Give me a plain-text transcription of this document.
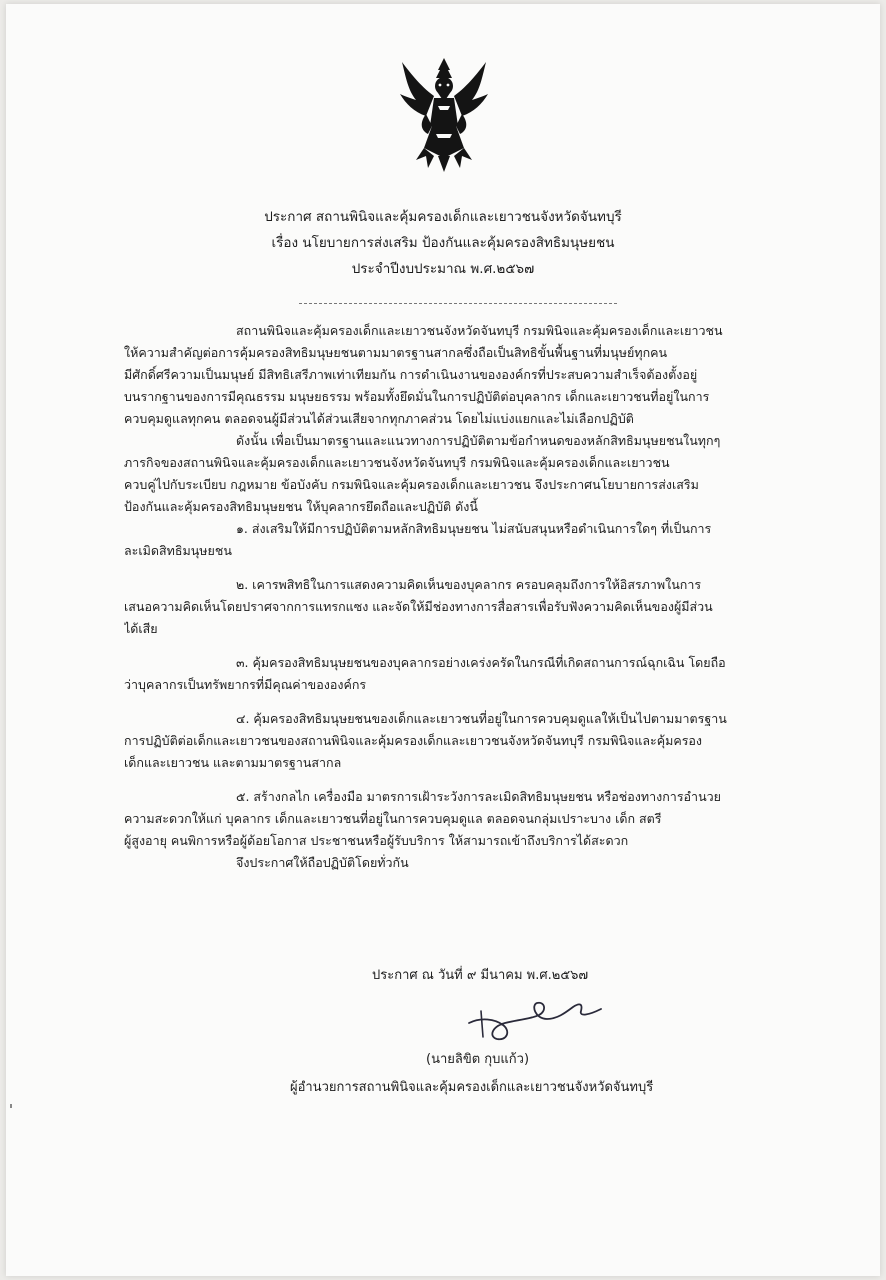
ประกาศ สถานพินิจและคุ้มครองเด็กและเยาวชนจังหวัดจันทบุรี
เรื่อง นโยบายการส่งเสริม ป้องกันและคุ้มครองสิทธิมนุษยชน
ประจำปีงบประมาณ พ.ศ.๒๕๖๗
สถานพินิจและคุ้มครองเด็กและเยาวชนจังหวัดจันทบุรี กรมพินิจและคุ้มครองเด็กและเยาวชน
ให้ความสำคัญต่อการคุ้มครองสิทธิมนุษยชนตามมาตรฐานสากลซึ่งถือเป็นสิทธิขั้นพื้นฐานที่มนุษย์ทุกคน
มีศักดิ์ศรีความเป็นมนุษย์ มีสิทธิเสรีภาพเท่าเทียมกัน การดำเนินงานขององค์กรที่ประสบความสำเร็จต้องตั้งอยู่
บนรากฐานของการมีคุณธรรม มนุษยธรรม พร้อมทั้งยึดมั่นในการปฏิบัติต่อบุคลากร เด็กและเยาวชนที่อยู่ในการ
ควบคุมดูแลทุกคน ตลอดจนผู้มีส่วนได้ส่วนเสียจากทุกภาคส่วน โดยไม่แบ่งแยกและไม่เลือกปฏิบัติ
ดังนั้น เพื่อเป็นมาตรฐานและแนวทางการปฏิบัติตามข้อกำหนดของหลักสิทธิมนุษยชนในทุกๆ
ภารกิจของสถานพินิจและคุ้มครองเด็กและเยาวชนจังหวัดจันทบุรี กรมพินิจและคุ้มครองเด็กและเยาวชน
ควบคู่ไปกับระเบียบ กฎหมาย ข้อบังคับ กรมพินิจและคุ้มครองเด็กและเยาวชน จึงประกาศนโยบายการส่งเสริม
ป้องกันและคุ้มครองสิทธิมนุษยชน ให้บุคลากรยึดถือและปฏิบัติ ดังนี้
๑. ส่งเสริมให้มีการปฏิบัติตามหลักสิทธิมนุษยชน ไม่สนับสนุนหรือดำเนินการใดๆ ที่เป็นการ
ละเมิดสิทธิมนุษยชน
๒. เคารพสิทธิในการแสดงความคิดเห็นของบุคลากร ครอบคลุมถึงการให้อิสรภาพในการ
เสนอความคิดเห็นโดยปราศจากการแทรกแซง และจัดให้มีช่องทางการสื่อสารเพื่อรับฟังความคิดเห็นของผู้มีส่วน
ได้เสีย
๓. คุ้มครองสิทธิมนุษยชนของบุคลากรอย่างเคร่งครัดในกรณีที่เกิดสถานการณ์ฉุกเฉิน โดยถือ
ว่าบุคลากรเป็นทรัพยากรที่มีคุณค่าขององค์กร
๔. คุ้มครองสิทธิมนุษยชนของเด็กและเยาวชนที่อยู่ในการควบคุมดูแลให้เป็นไปตามมาตรฐาน
การปฏิบัติต่อเด็กและเยาวชนของสถานพินิจและคุ้มครองเด็กและเยาวชนจังหวัดจันทบุรี กรมพินิจและคุ้มครอง
เด็กและเยาวชน และตามมาตรฐานสากล
๕. สร้างกลไก เครื่องมือ มาตรการเฝ้าระวังการละเมิดสิทธิมนุษยชน หรือช่องทางการอำนวย
ความสะดวกให้แก่ บุคลากร เด็กและเยาวชนที่อยู่ในการควบคุมดูแล ตลอดจนกลุ่มเปราะบาง เด็ก สตรี
ผู้สูงอายุ คนพิการหรือผู้ด้อยโอกาส ประชาชนหรือผู้รับบริการ ให้สามารถเข้าถึงบริการได้สะดวก
จึงประกาศให้ถือปฏิบัติโดยทั่วกัน
ประกาศ ณ วันที่ ๙ มีนาคม พ.ศ.๒๕๖๗
(นายลิขิต กุบแก้ว)
ผู้อำนวยการสถานพินิจและคุ้มครองเด็กและเยาวชนจังหวัดจันทบุรี
